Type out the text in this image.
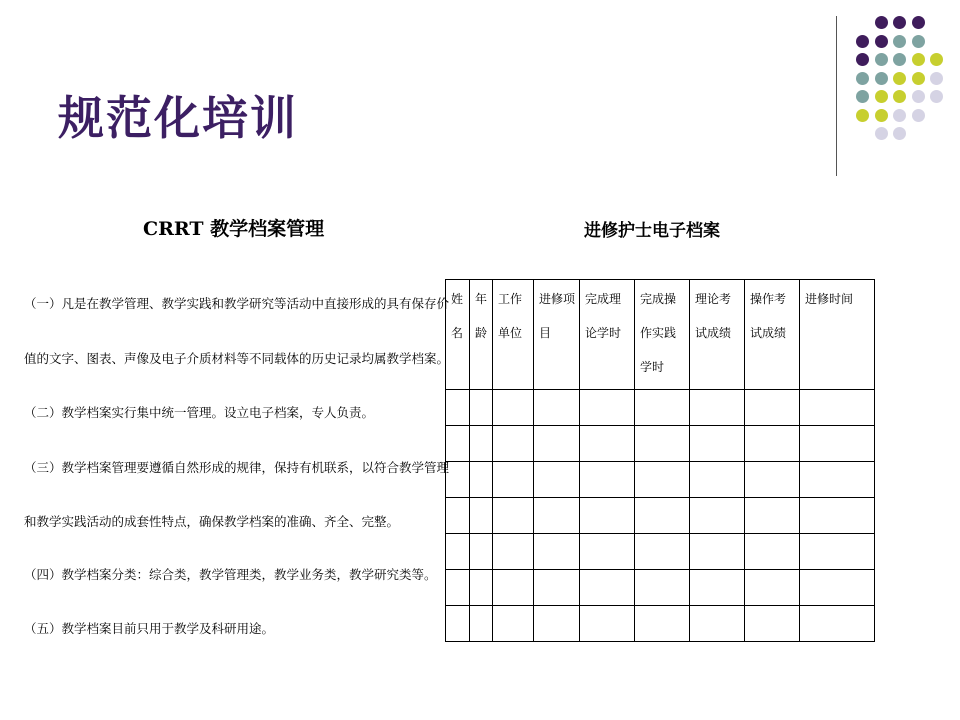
规范化培训
CRRT 教学档案管理
（一）凡是在教学管理、教学实践和教学研究等活动中直接形成的具有保存价
值的文字、图表、声像及电子介质材料等不同载体的历史记录均属教学档案。
（二）教学档案实行集中统一管理。设立电子档案，专人负责。
（三）教学档案管理要遵循自然形成的规律，保持有机联系，以符合教学管理
和教学实践活动的成套性特点，确保教学档案的准确、齐全、完整。
（四）教学档案分类：综合类，教学管理类，教学业务类，教学研究类等。
（五）教学档案目前只用于教学及科研用途。
进修护士电子档案
姓名	年龄	工作单位	进修项目	完成理论学时	完成操作实践学时	理论考试成绩	操作考试成绩	进修时间
